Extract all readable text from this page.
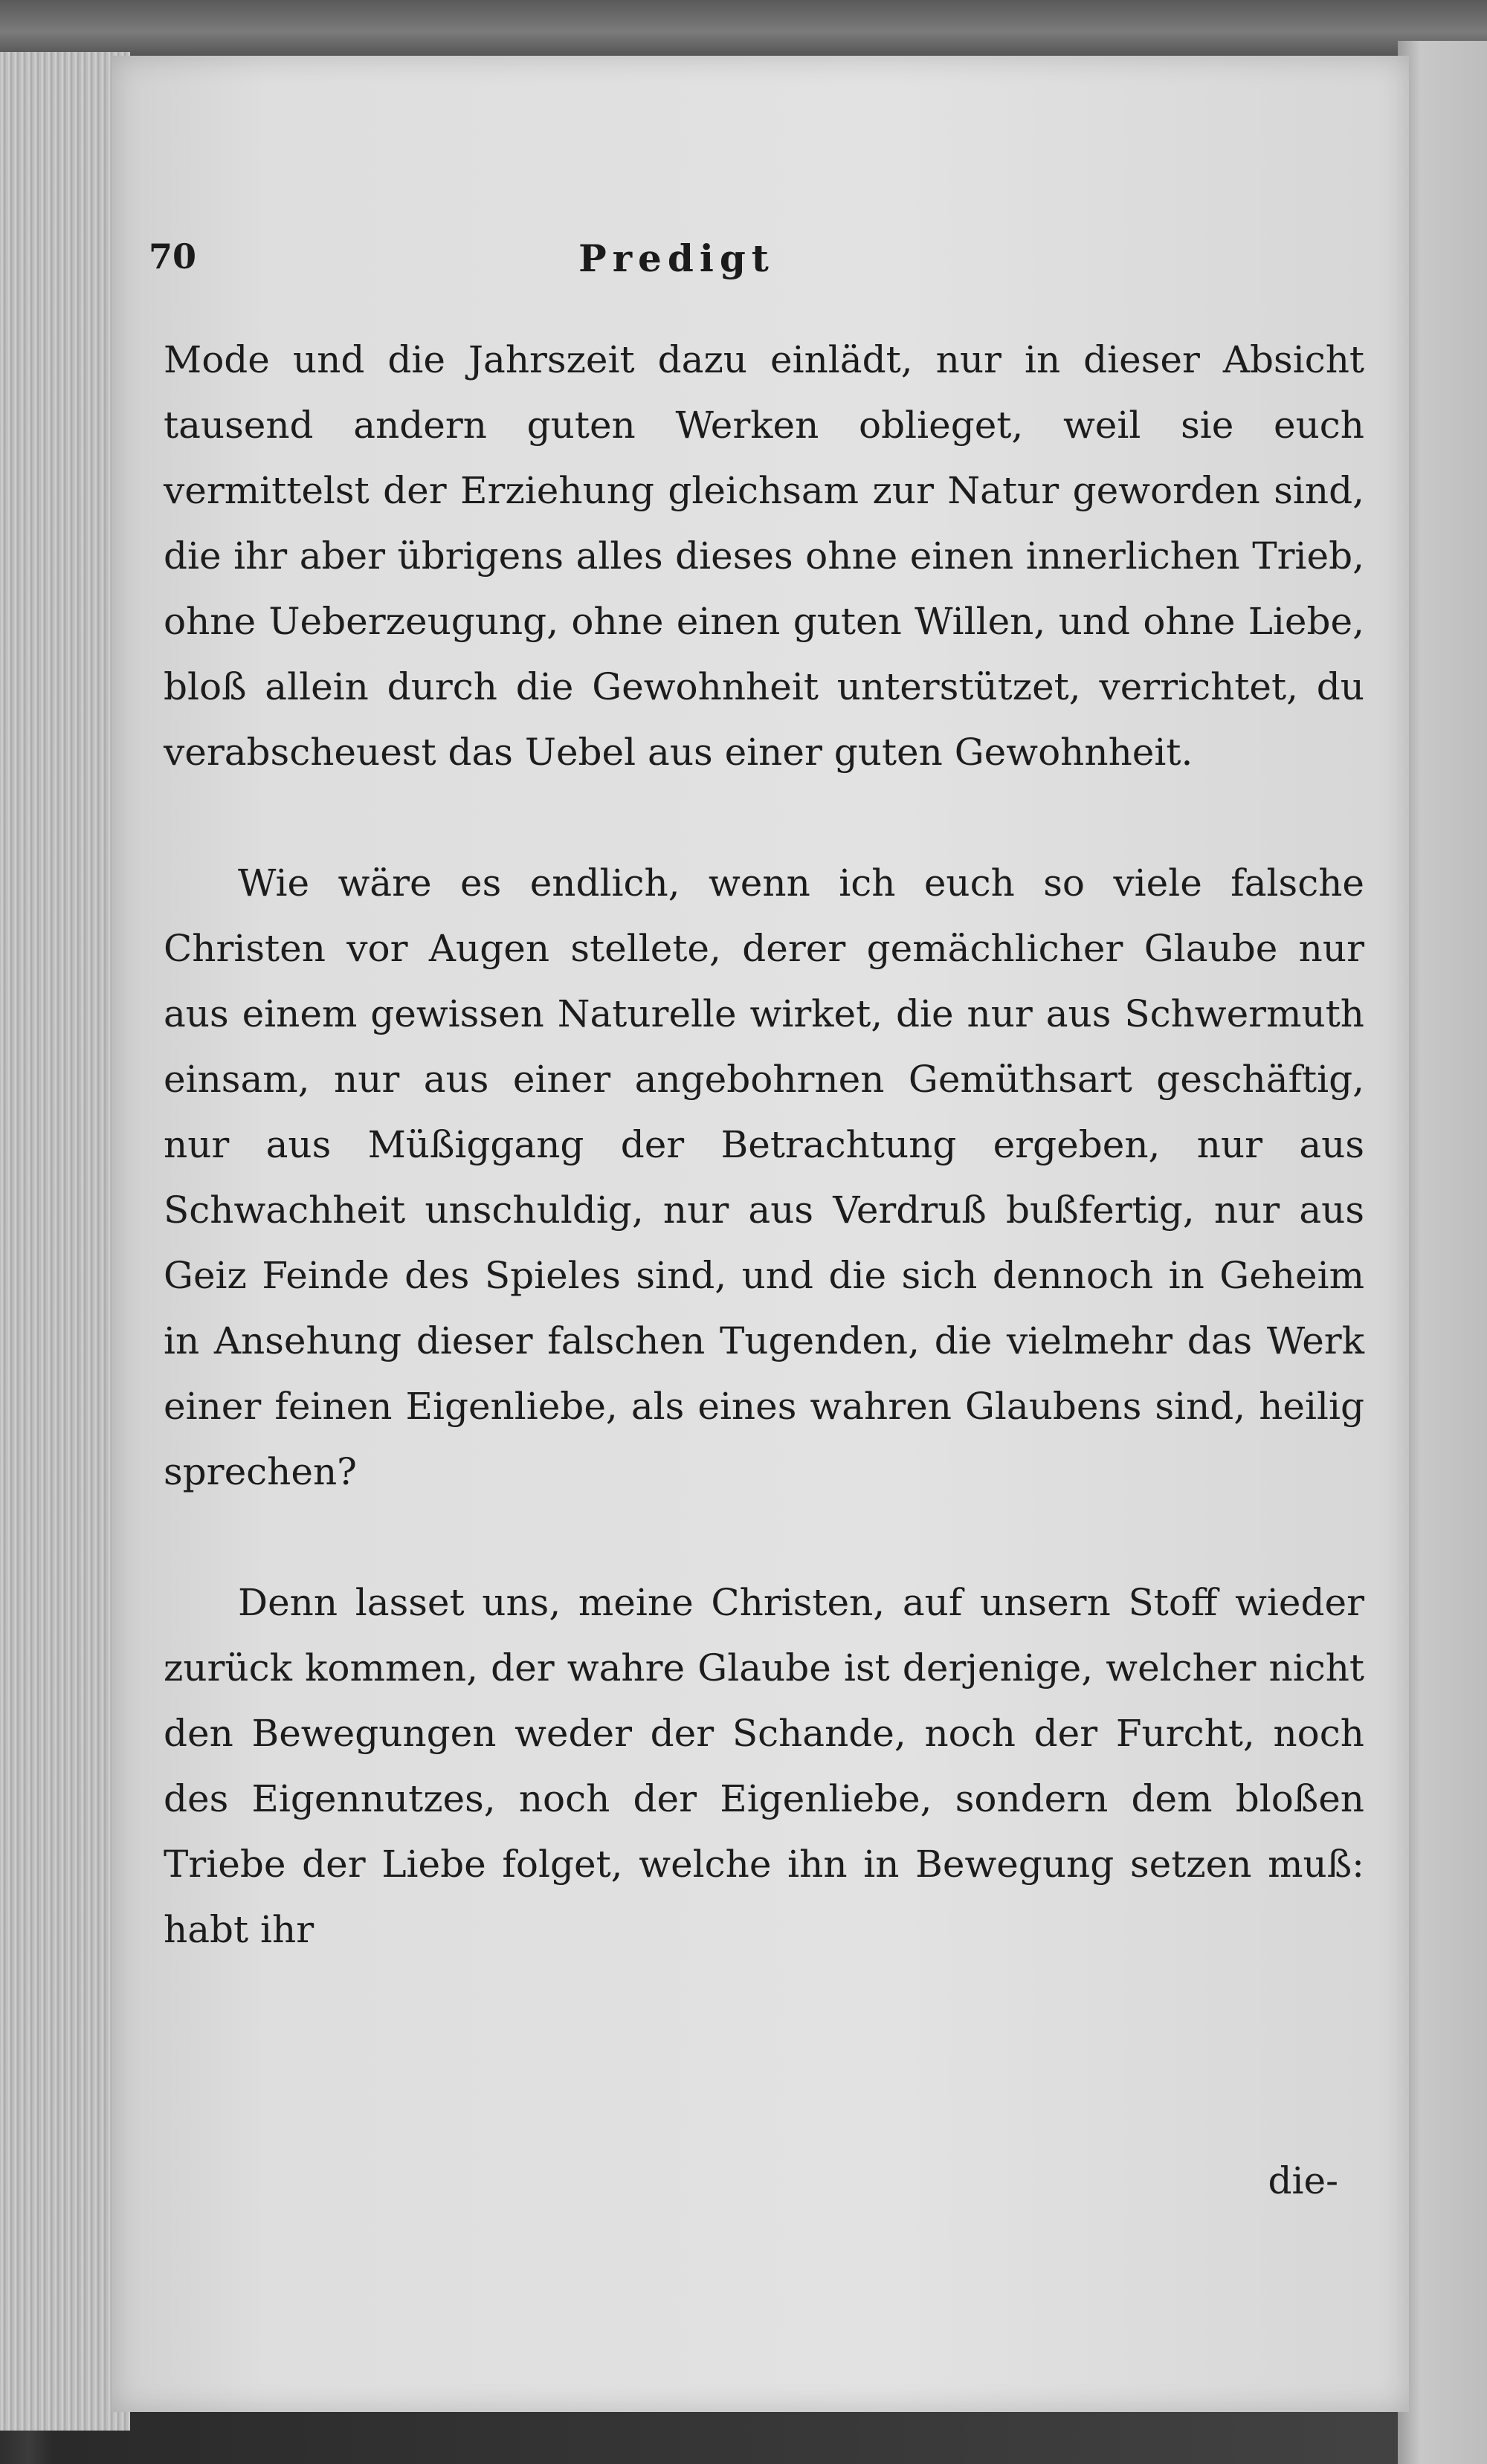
70	Predigt

Mode und die Jahrszeit dazu einlädt, nur in dieser Absicht tausend andern guten Werken oblieget, weil sie euch vermittelst der Erziehung gleichsam zur Natur geworden sind, die ihr aber übrigens alles dieses ohne einen innerlichen Trieb, ohne Ueberzeugung, ohne einen guten Willen, und ohne Liebe, bloß allein durch die Gewohnheit unterstützet, verrichtet, du verabscheuest das Uebel aus einer guten Gewohnheit.

Wie wäre es endlich, wenn ich euch so viele falsche Christen vor Augen stellete, derer gemächlicher Glaube nur aus einem gewissen Naturelle wirket, die nur aus Schwermuth einsam, nur aus einer angebohrnen Gemüthsart geschäftig, nur aus Müßiggang der Betrachtung ergeben, nur aus Schwachheit unschuldig, nur aus Verdruß bußfertig, nur aus Geiz Feinde des Spieles sind, und die sich dennoch in Geheim in Ansehung dieser falschen Tugenden, die vielmehr das Werk einer feinen Eigenliebe, als eines wahren Glaubens sind, heilig sprechen?

Denn lasset uns, meine Christen, auf unsern Stoff wieder zurück kommen, der wahre Glaube ist derjenige, welcher nicht den Bewegungen weder der Schande, noch der Furcht, noch des Eigennutzes, noch der Eigenliebe, sondern dem bloßen Triebe der Liebe folget, welche ihn in Bewegung setzen muß: habt ihr

die-
